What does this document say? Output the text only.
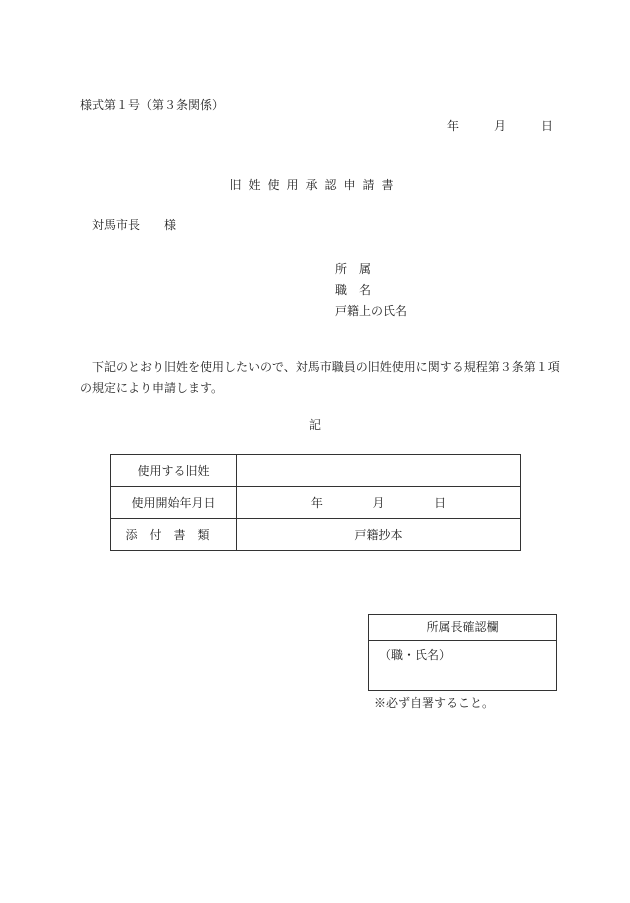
様式第１号（第３条関係）
年	月	日
旧姓使用承認申請書
対馬市長 様
所　属
職　名
戸籍上の氏名
下記のとおり旧姓を使用したいので、対馬市職員の旧姓使用に関する規程第３条第１項の規定により申請します。
記
使用する旧姓	
使用開始年月日	年 月 日
添付書類	戸籍抄本
所属長確認欄
（職・氏名）
※必ず自署すること。
